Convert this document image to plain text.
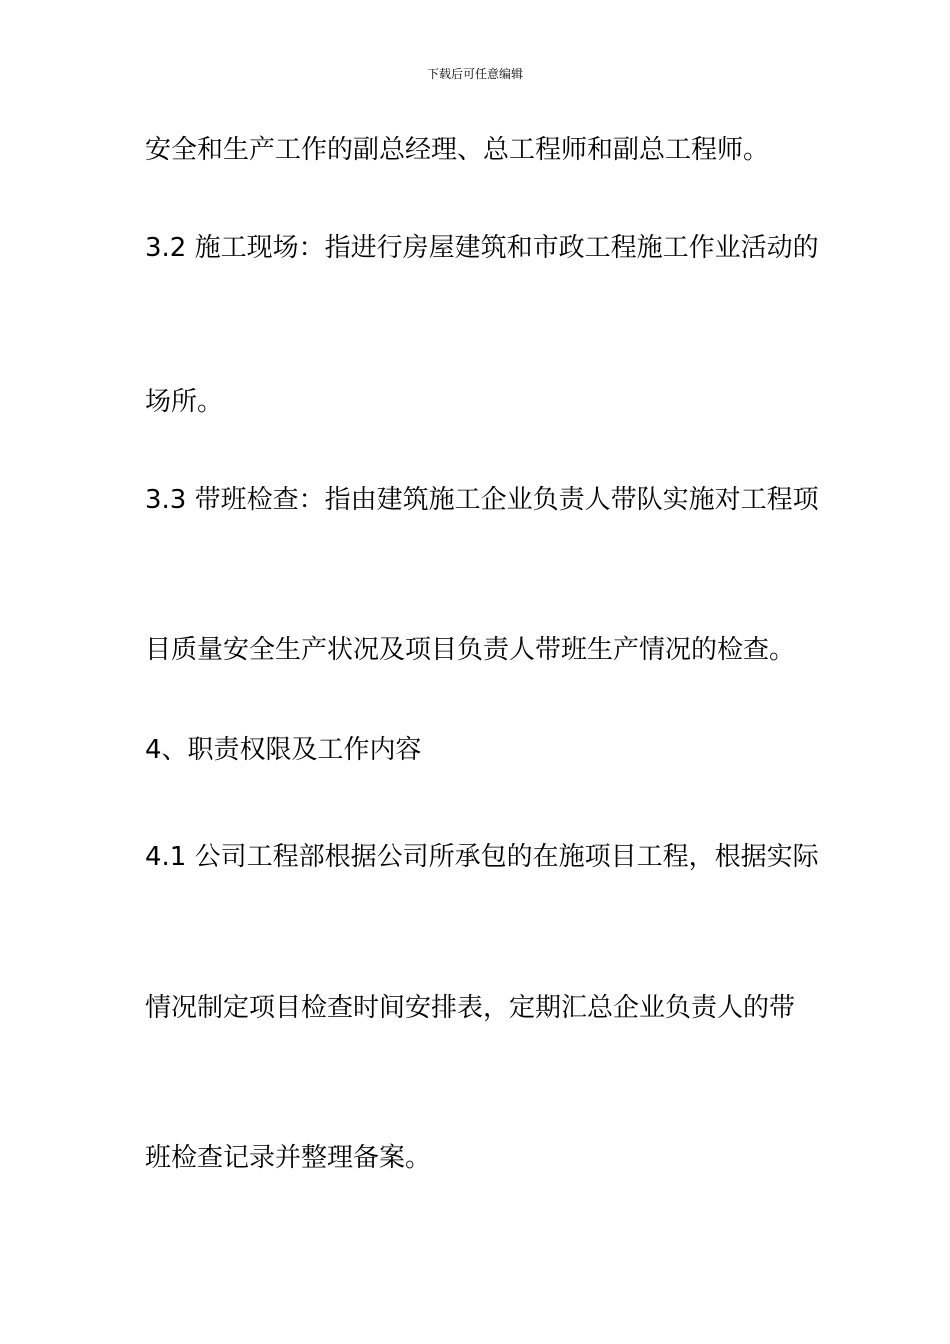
下载后可任意编辑
安全和生产工作的副总经理、总工程师和副总工程师。
3.2 施工现场：指进行房屋建筑和市政工程施工作业活动的
场所。
3.3 带班检查：指由建筑施工企业负责人带队实施对工程项
目质量安全生产状况及项目负责人带班生产情况的检查。
4、职责权限及工作内容
4.1 公司工程部根据公司所承包的在施项目工程，根据实际
情况制定项目检查时间安排表，定期汇总企业负责人的带
班检查记录并整理备案。
